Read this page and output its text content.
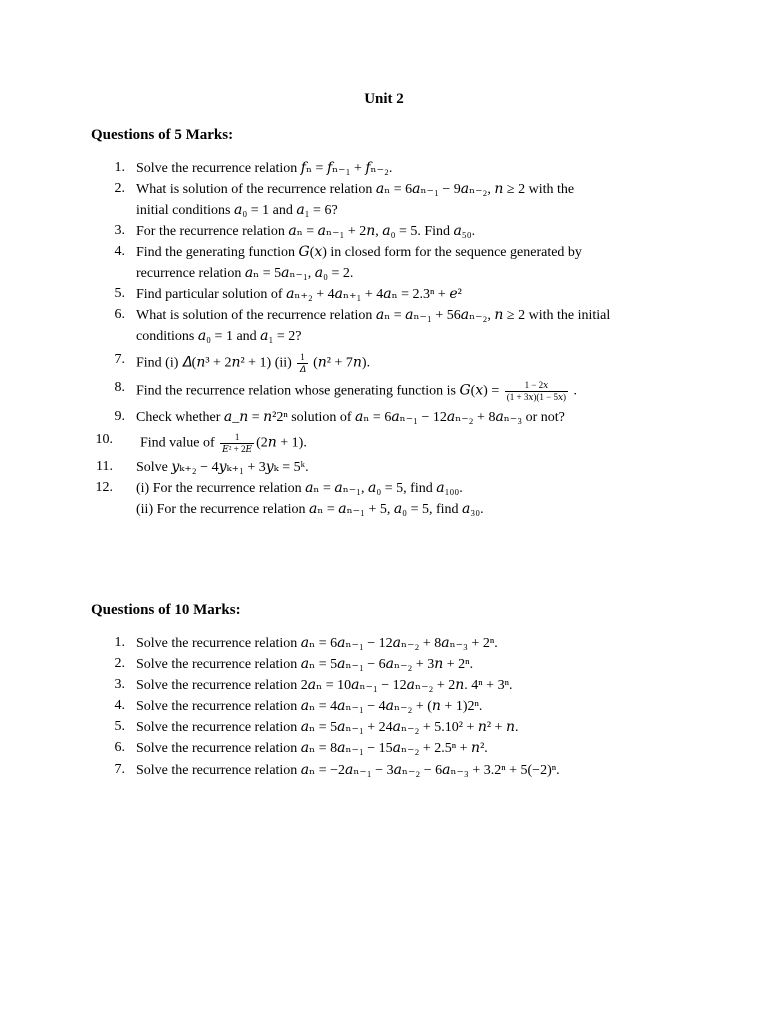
Unit 2
Questions of 5 Marks:
1. Solve the recurrence relation 𝑓ₙ = 𝑓ₙ₋₁ + 𝑓ₙ₋₂.
2. What is solution of the recurrence relation 𝑎ₙ = 6𝑎ₙ₋₁ − 9𝑎ₙ₋₂, 𝑛 ≥ 2 with the
initial conditions 𝑎₀ = 1 and 𝑎₁ = 6?
3. For the recurrence relation 𝑎ₙ = 𝑎ₙ₋₁ + 2𝑛, 𝑎₀ = 5. Find 𝑎₅₀.
4. Find the generating function 𝐺(𝑥) in closed form for the sequence generated by
recurrence relation 𝑎ₙ = 5𝑎ₙ₋₁, 𝑎₀ = 2.
5. Find particular solution of 𝑎ₙ₊₂ + 4𝑎ₙ₊₁ + 4𝑎ₙ = 2.3ⁿ + 𝑒²
6. What is solution of the recurrence relation 𝑎ₙ = 𝑎ₙ₋₁ + 56𝑎ₙ₋₂, 𝑛 ≥ 2 with the initial
conditions 𝑎₀ = 1 and 𝑎₁ = 2?
7. Find (i) 𝛥(𝑛³ + 2𝑛² + 1) $(ii) \frac{1}{\text{𝛥}}$ (𝑛² + 7𝑛).
8. Find the recurrence relation whose generating function is 𝐺(𝑥) = $\frac{\text{1 − 2𝑥}}{\text{(1 + 3𝑥)(1 − 5𝑥)}}$ .
9. Check whether 𝑎_𝑛 = 𝑛²2ⁿ solution of 𝑎ₙ = 6𝑎ₙ₋₁ − 12𝑎ₙ₋₂ + 8𝑎ₙ₋₃ or not?
10. Find value of $\frac{1}{\text{𝐸² + 2𝐸}}$ (2𝑛 + 1).
11. Solve 𝑦ₖ₊₂ − 4𝑦ₖ₊₁ + 3𝑦ₖ = 5ᵏ.
12. (i) For the recurrence relation 𝑎ₙ = 𝑎ₙ₋₁, 𝑎₀ = 5, find 𝑎₁₀₀.
(ii) For the recurrence relation 𝑎ₙ = 𝑎ₙ₋₁ + 5, 𝑎₀ = 5, find 𝑎₃₀.
Questions of 10 Marks:
1. Solve the recurrence relation 𝑎ₙ = 6𝑎ₙ₋₁ − 12𝑎ₙ₋₂ + 8𝑎ₙ₋₃ + 2ⁿ.
2. Solve the recurrence relation 𝑎ₙ = 5𝑎ₙ₋₁ − 6𝑎ₙ₋₂ + 3𝑛 + 2ⁿ.
3. Solve the recurrence relation 2𝑎ₙ = 10𝑎ₙ₋₁ − 12𝑎ₙ₋₂ + 2𝑛. 4ⁿ + 3ⁿ.
4. Solve the recurrence relation 𝑎ₙ = 4𝑎ₙ₋₁ − 4𝑎ₙ₋₂ + (𝑛 + 1)2ⁿ.
5. Solve the recurrence relation 𝑎ₙ = 5𝑎ₙ₋₁ + 24𝑎ₙ₋₂ + 5.10² + 𝑛² + 𝑛.
6. Solve the recurrence relation 𝑎ₙ = 8𝑎ₙ₋₁ − 15𝑎ₙ₋₂ + 2.5ⁿ + 𝑛².
7. Solve the recurrence relation 𝑎ₙ = −2𝑎ₙ₋₁ − 3𝑎ₙ₋₂ − 6𝑎ₙ₋₃ + 3.2ⁿ + 5(−2)ⁿ.
